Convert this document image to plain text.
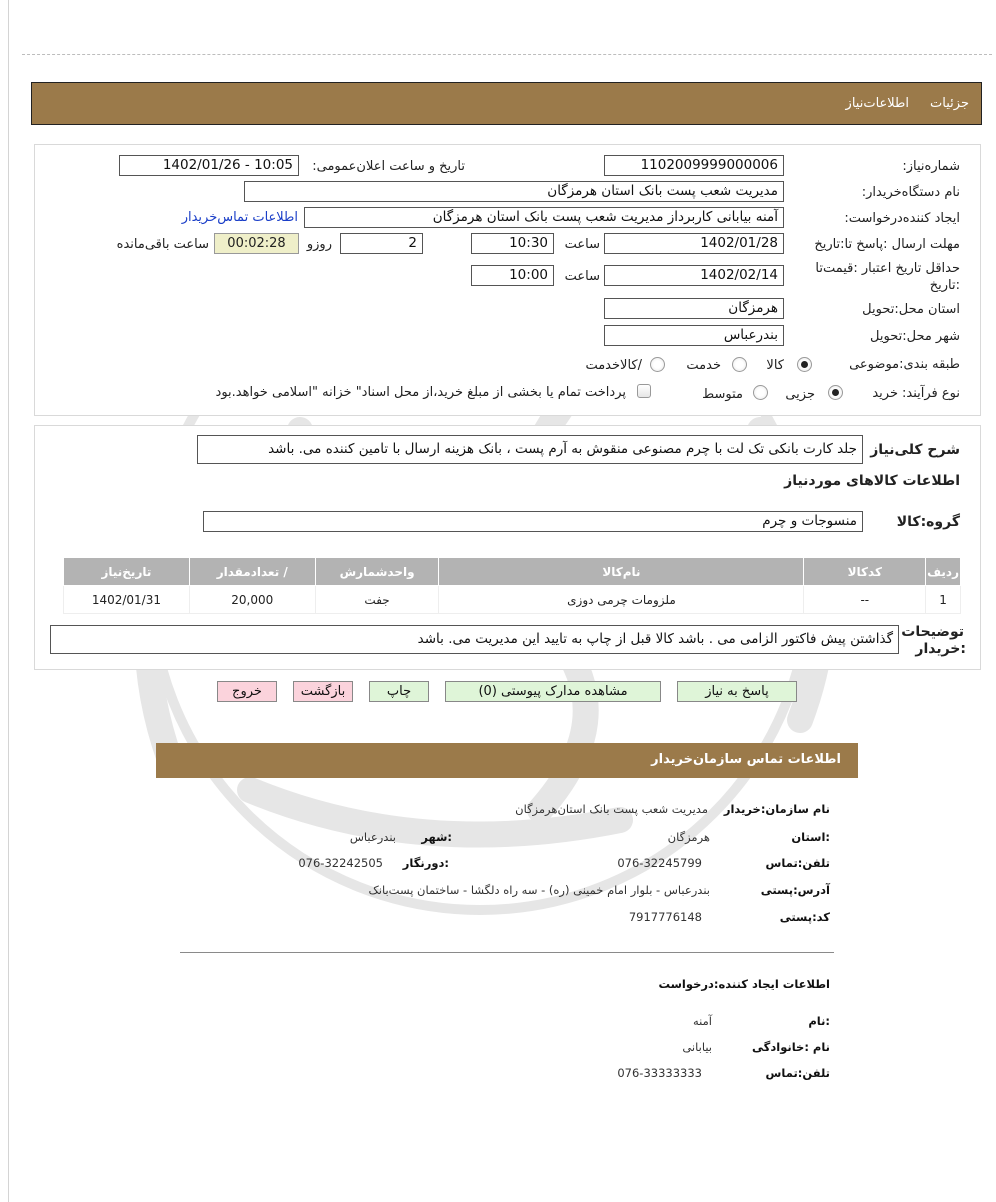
جزئیات
اطلاعات‌نیاز
شماره‌نیاز:
1102009999000006
تاریخ و ساعت اعلان‌عمومی:
1402/01/26 - 10:05
نام دستگاه‌خریدار:
مدیریت شعب پست بانک استان هرمزگان
ایجاد کننده‌درخواست:
آمنه بیابانی کاربرداز مدیریت شعب پست بانک استان هرمزگان
اطلاعات تماس‌خریدار
مهلت ارسال :پاسخ تا:تاریخ
1402/01/28
ساعت
10:30
2
روزو
00:02:28
ساعت باقی‌مانده
حداقل تاریخ اعتبار :قیمت‌تا
:تاریخ
1402/02/14
ساعت
10:00
استان محل:تحویل
هرمزگان
شهر محل:تحویل
بندرعباس
طبقه بندی:موضوعی
کالا
خدمت
/کالاخدمت
نوع فرآیند:
خرید
جزیی
متوسط
پرداخت تمام یا بخشی از مبلغ خرید،از محل اسناد" خزانه "اسلامی خواهد.بود
شرح کلی‌نیاز
جلد کارت بانکی تک لت با چرم مصنوعی منقوش به آرم پست ، بانک هزینه ارسال با تامین کننده می. باشد
اطلاعات کالاهای موردنیاز
گروه‌:کالا
منسوجات و چرم
ردیف	کدکالا	نام‌کالا	واحدشمارش	/ تعدادمقدار	تاریخ‌نیاز
1	--	ملزومات چرمی دوزی	جفت	20,000	1402/01/31
توضیحات
:خریدار
گذاشتن پیش فاکتور الزامی می . باشد کالا قبل از چاپ به تایید این مدیریت می. باشد
پاسخ به نیاز
مشاهده مدارک پیوستی (0)
چاپ
بازگشت
خروج
اطلاعات تماس سازمان‌خریدار
نام سازمان:خریدار
مدیریت شعب پست بانک استان‌هرمزگان
:استان
هرمزگان
:شهر
بندرعباس
تلفن:تماس
076-32245799
:دورنگار
076-32242505
آدرس:پستی
بندرعباس - بلوار امام خمینی (ره) - سه راه دلگشا - ساختمان پست‌بانک
کد:پستی
7917776148
اطلاعات ایجاد کننده:درخواست
:نام
آمنه
نام :خانوادگی
بیابانی
تلفن:تماس
076-33333333
